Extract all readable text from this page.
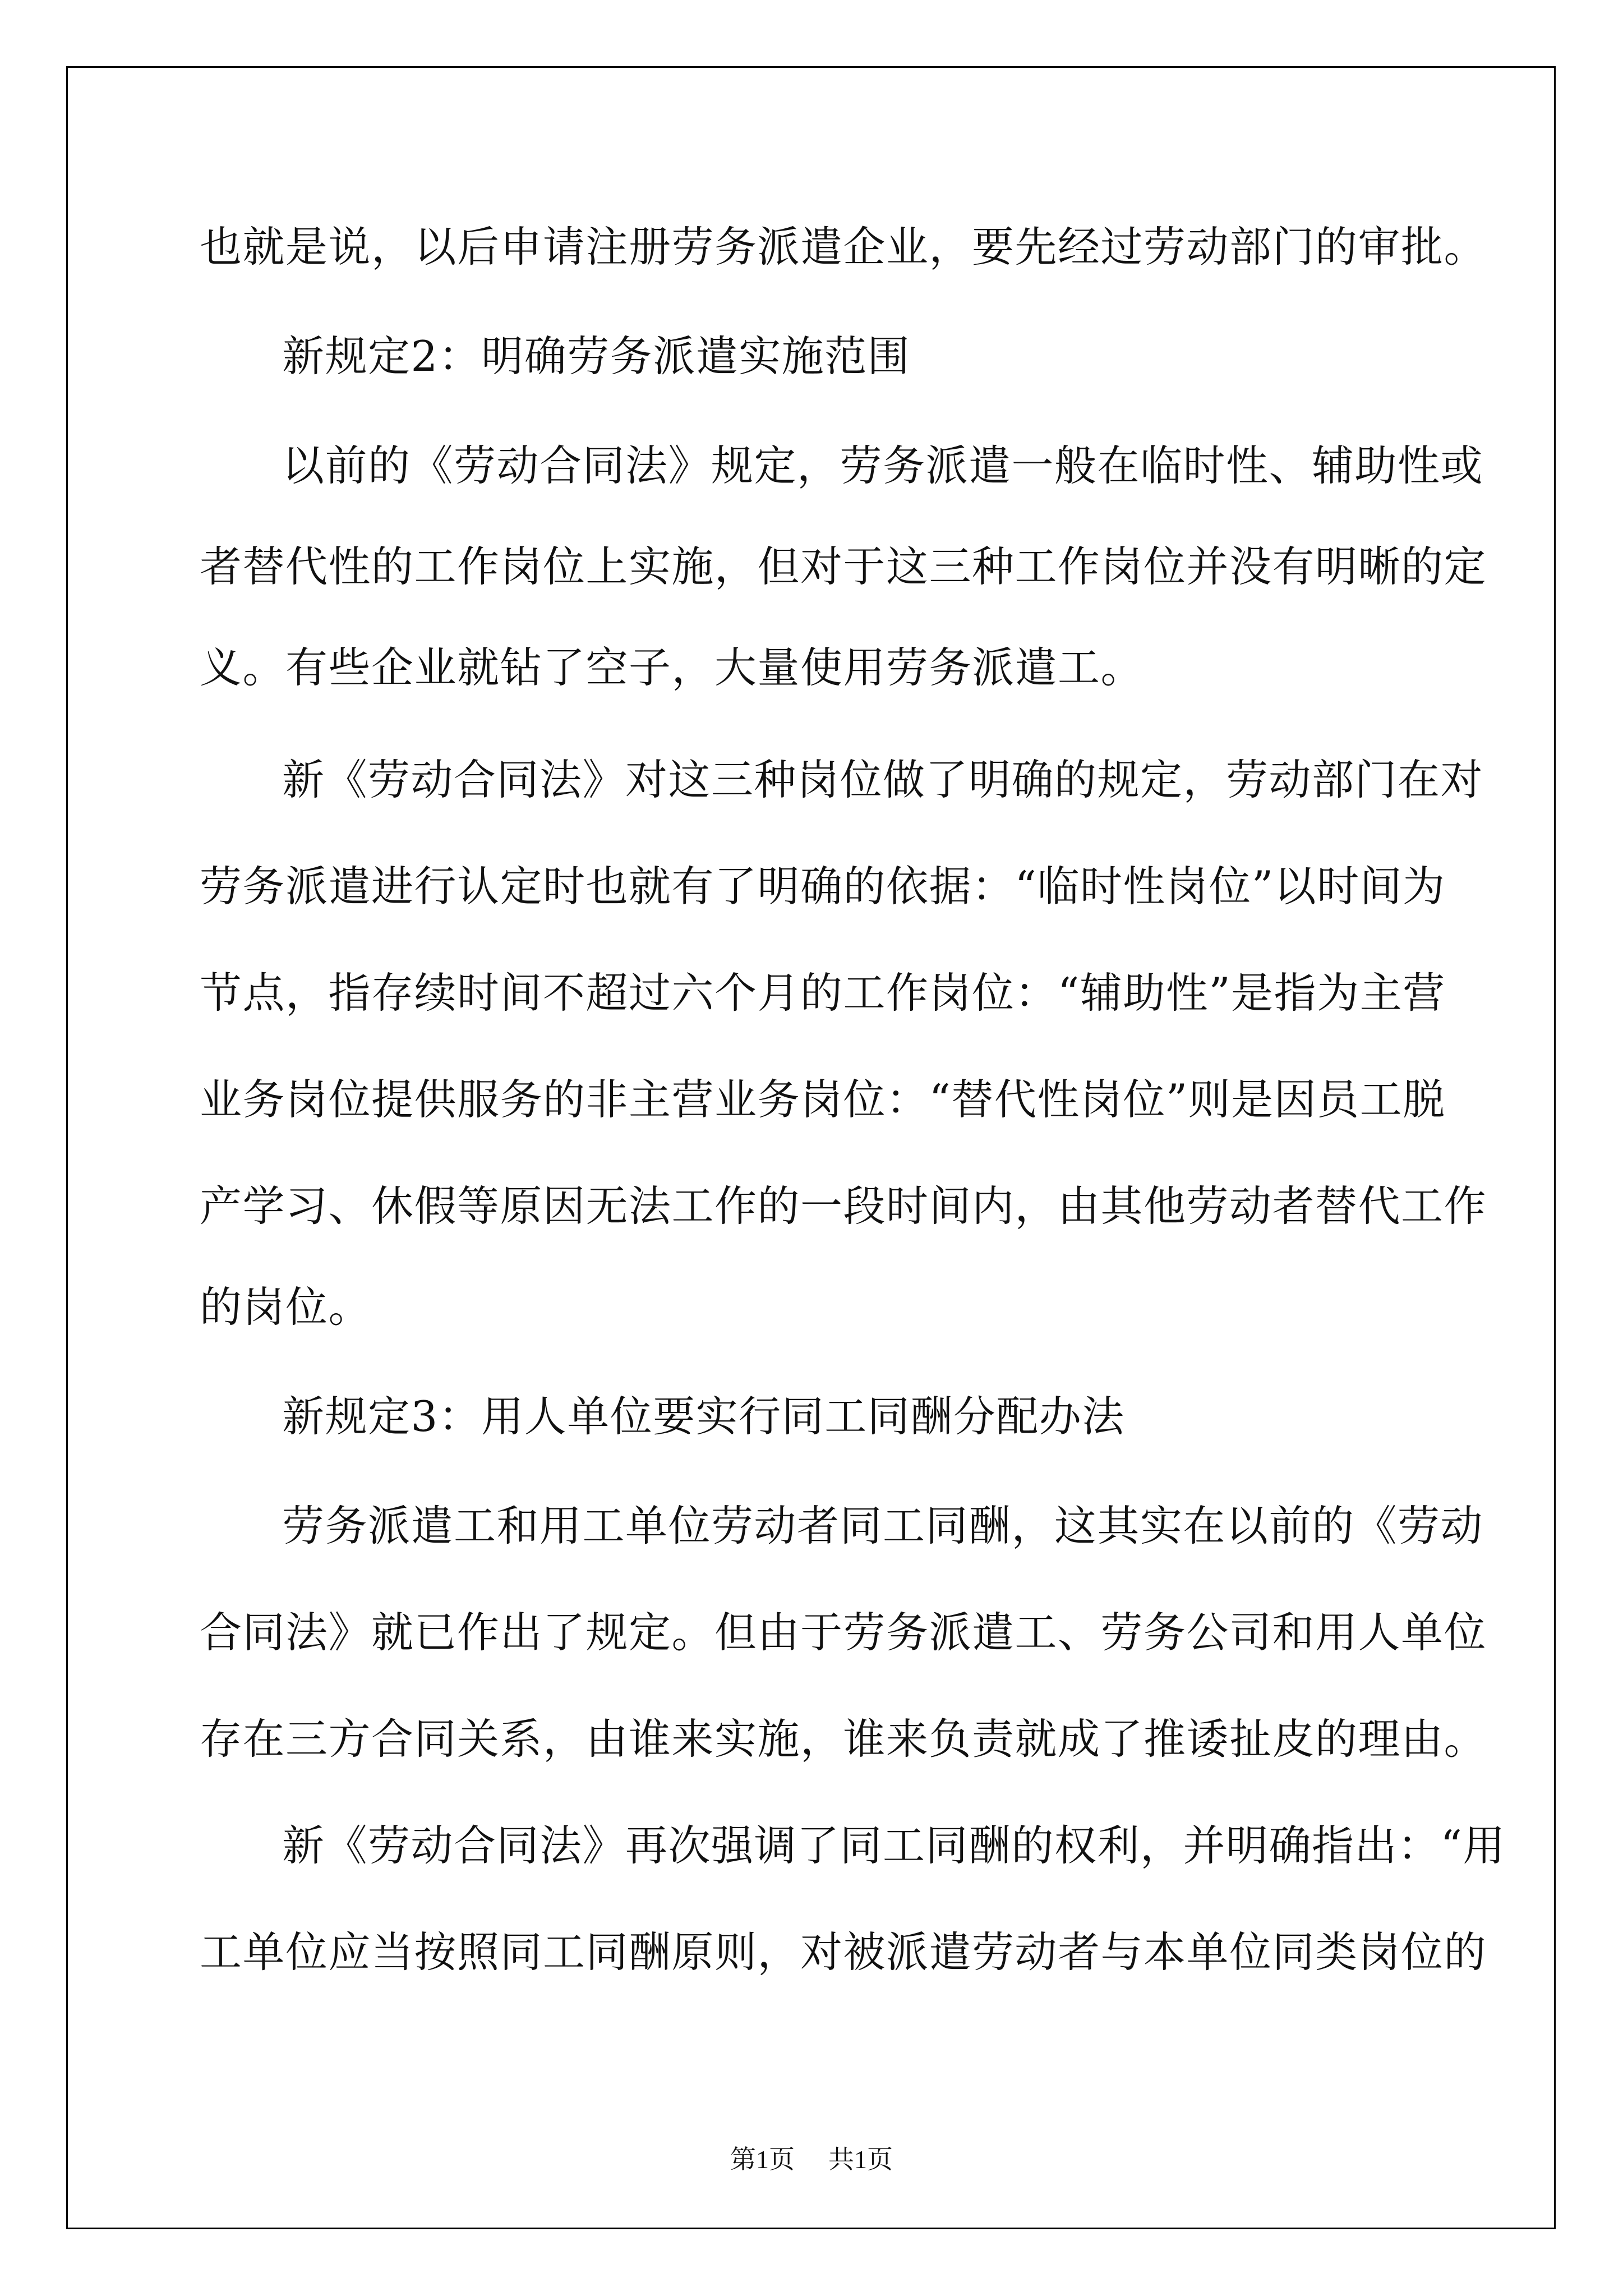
也就是说，以后申请注册劳务派遣企业，要先经过劳动部门的审批。

新规定2：明确劳务派遣实施范围

以前的《劳动合同法》规定，劳务派遣一般在临时性、辅助性或

者替代性的工作岗位上实施，但对于这三种工作岗位并没有明晰的定

义。有些企业就钻了空子，大量使用劳务派遣工。

新《劳动合同法》对这三种岗位做了明确的规定，劳动部门在对

劳务派遣进行认定时也就有了明确的依据：“临时性岗位”以时间为

节点，指存续时间不超过六个月的工作岗位：“辅助性”是指为主营

业务岗位提供服务的非主营业务岗位：“替代性岗位”则是因员工脱

产学习、休假等原因无法工作的一段时间内，由其他劳动者替代工作

的岗位。

新规定3：用人单位要实行同工同酬分配办法

劳务派遣工和用工单位劳动者同工同酬，这其实在以前的《劳动

合同法》就已作出了规定。但由于劳务派遣工、劳务公司和用人单位

存在三方合同关系，由谁来实施，谁来负责就成了推诿扯皮的理由。

新《劳动合同法》再次强调了同工同酬的权利，并明确指出：“用

工单位应当按照同工同酬原则，对被派遣劳动者与本单位同类岗位的

第1页 共1页
